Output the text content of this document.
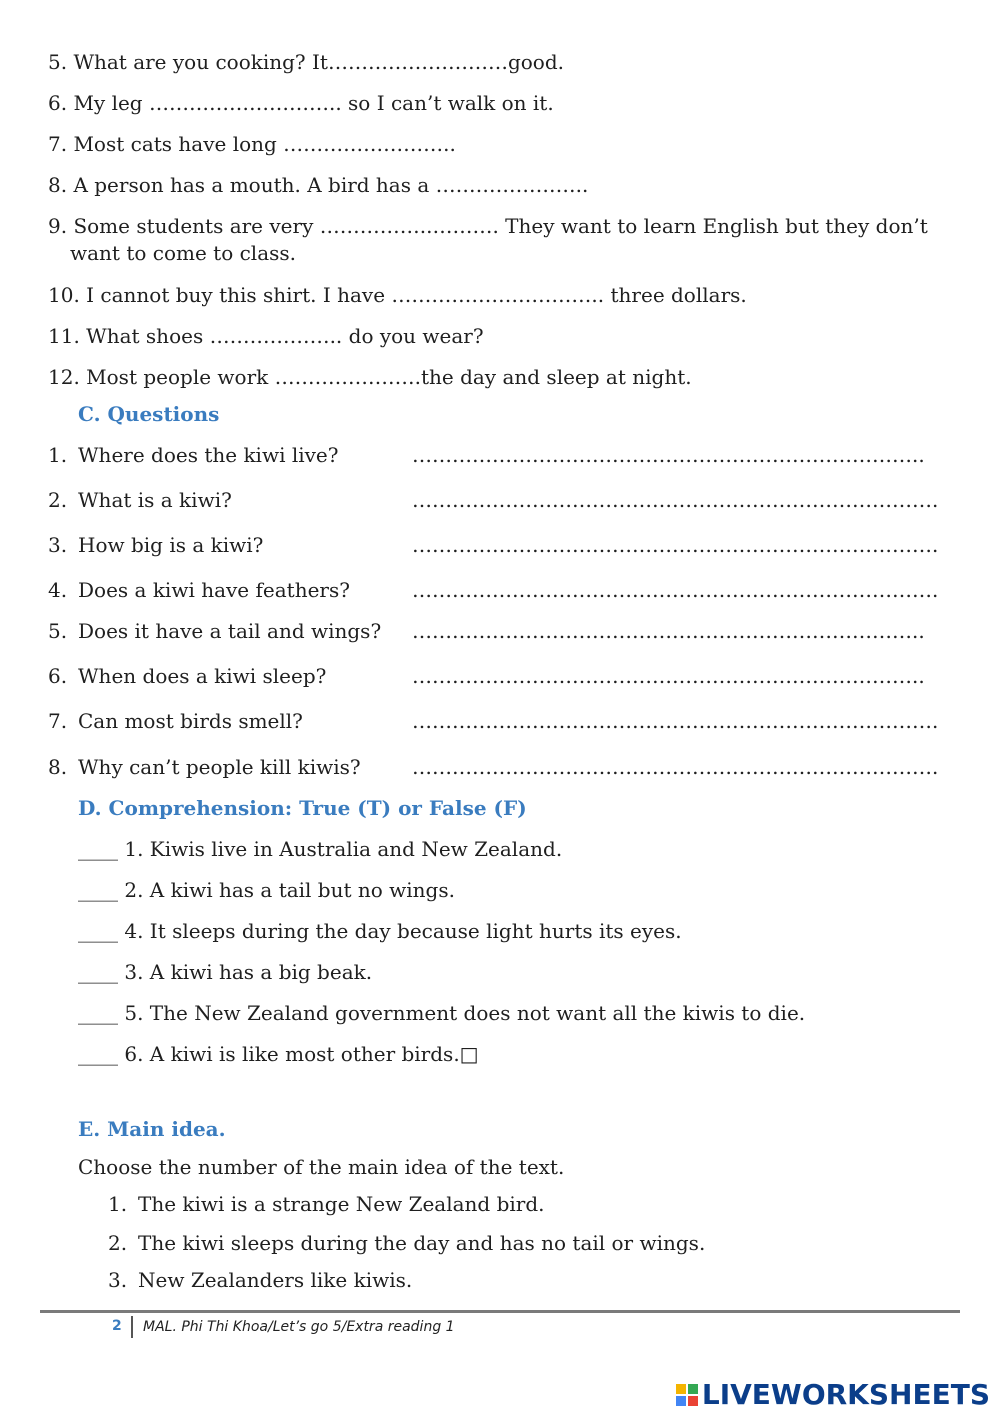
5. What are you cooking? It………………………good.
6. My leg ……………………….. so I can’t walk on it.
7. Most cats have long ……………………..
8. A person has a mouth. A bird has a …………………..
9. Some students are very ……………..………. They want to learn English but they don’t
want to come to class.
10. I cannot buy this shirt. I have ………………………….. three dollars.
11. What shoes ……………….. do you wear?
12. Most people work ………………….the day and sleep at night.
C. Questions
1. Where does the kiwi live?	…………………………………………………………………..
2. What is a kiwi?	…………………………………………………………………….
3. How big is a kiwi?	…………………………………………………………………….
4. Does a kiwi have feathers?	…………………………………………………………………….
5. Does it have a tail and wings? …………………………………………………………………..
6. When does a kiwi sleep?	…………………………………………………………………..
7. Can most birds smell?	…………………………………………………………………….
8. Why can’t people kill kiwis?	…………………………………………………………………….
D. Comprehension: True (T) or False (F)
____ 1. Kiwis live in Australia and New Zealand.
____ 2. A kiwi has a tail but no wings.
____ 4. It sleeps during the day because light hurts its eyes.
____ 3. A kiwi has a big beak.
____ 5. The New Zealand government does not want all the kiwis to die.
____ 6. A kiwi is like most other birds.□
E. Main idea.
Choose the number of the main idea of the text.
1. The kiwi is a strange New Zealand bird.
2. The kiwi sleeps during the day and has no tail or wings.
3. New Zealanders like kiwis.
2 MAL. Phi Thi Khoa/Let’s go 5/Extra reading 1
LIVEWORKSHEETS
